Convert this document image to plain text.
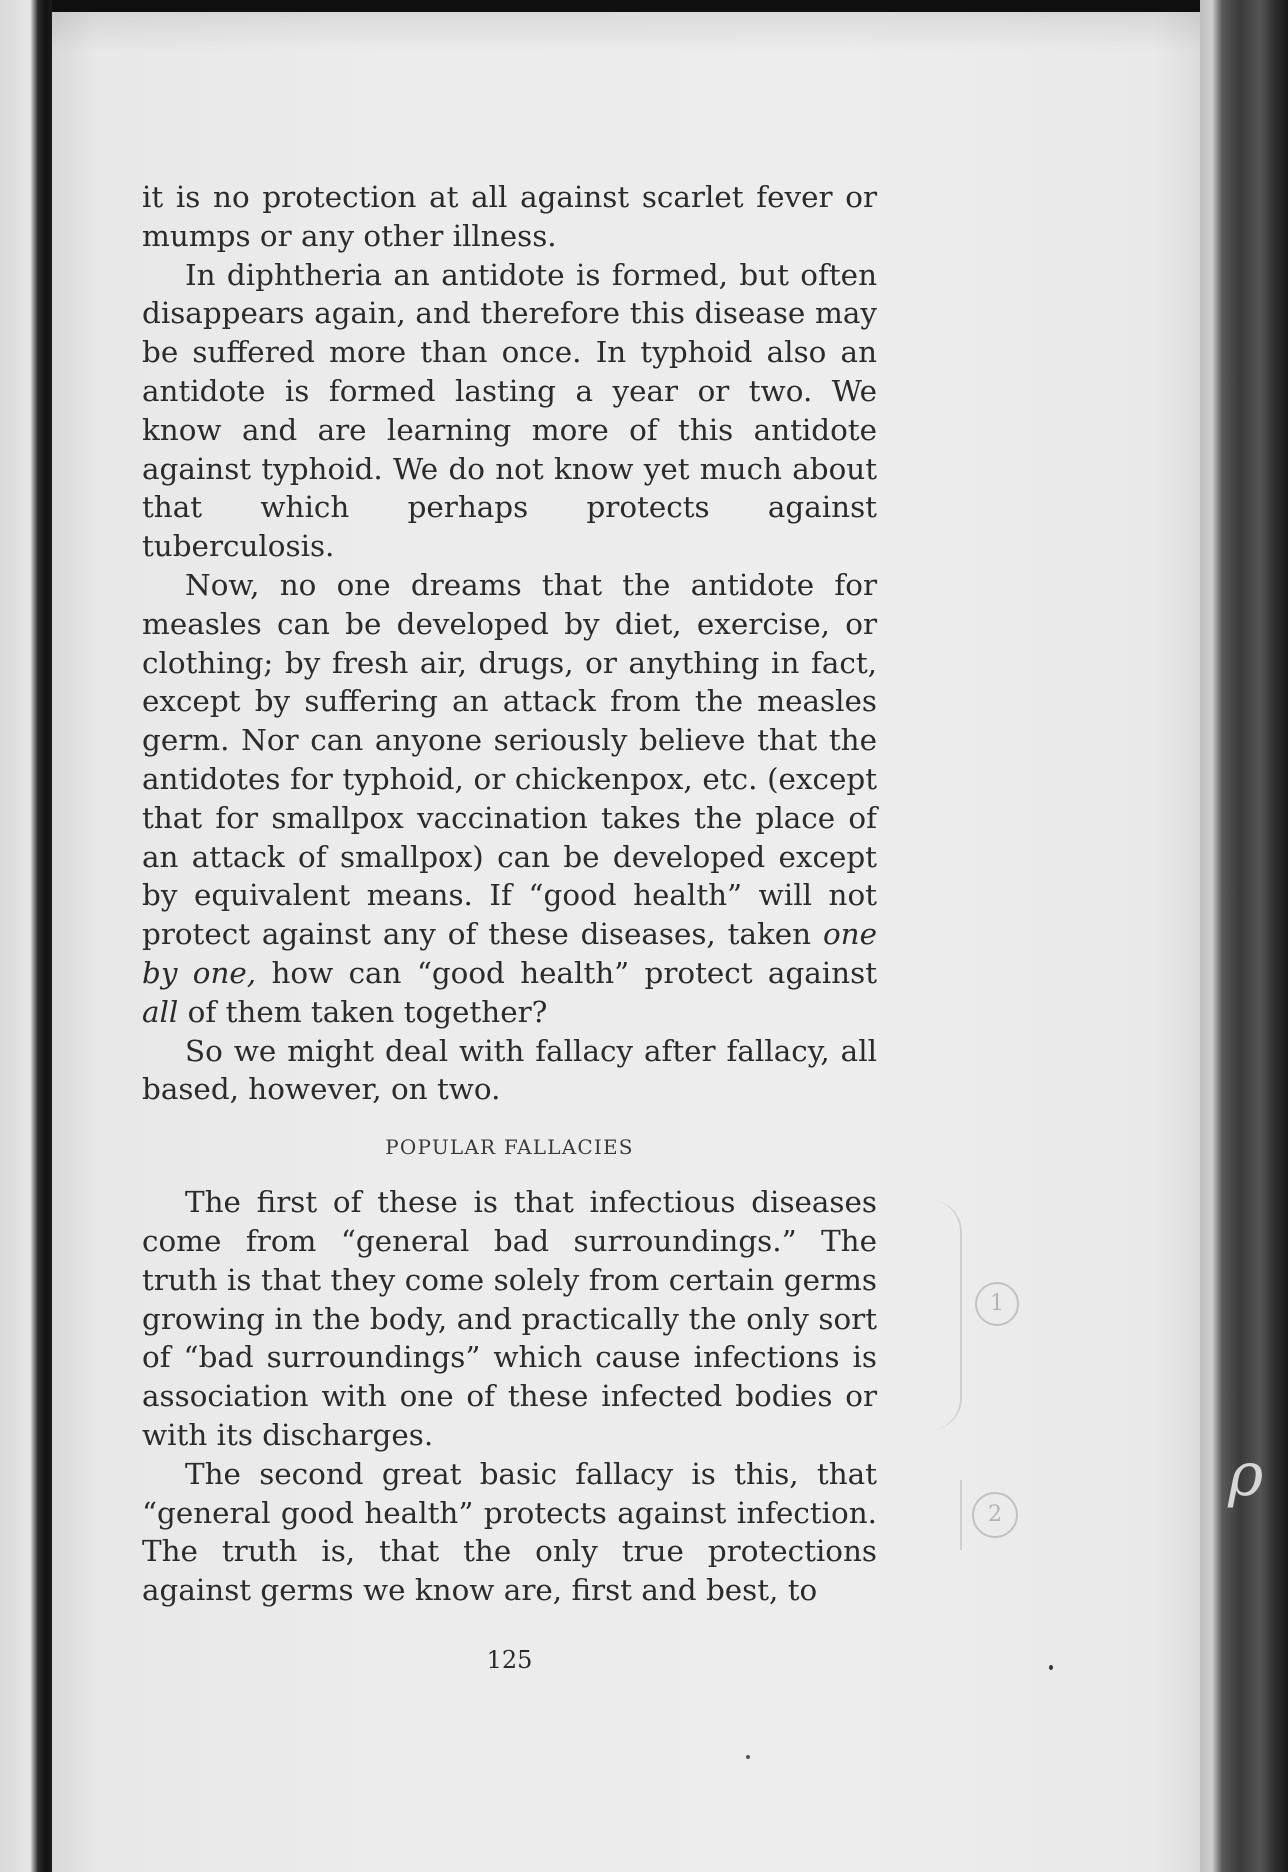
it is no protection at all against scarlet fever or mumps or any other illness.

In diphtheria an antidote is formed, but often disappears again, and therefore this disease may be suffered more than once. In typhoid also an antidote is formed lasting a year or two. We know and are learning more of this antidote against typhoid. We do not know yet much about that which perhaps protects against tuberculosis.

Now, no one dreams that the antidote for measles can be developed by diet, exercise, or clothing; by fresh air, drugs, or anything in fact, except by suffering an attack from the measles germ. Nor can anyone seriously believe that the antidotes for typhoid, or chickenpox, etc. (except that for smallpox vaccination takes the place of an attack of smallpox) can be developed except by equivalent means. If “good health” will not protect against any of these diseases, taken one by one, how can “good health” protect against all of them taken together?

So we might deal with fallacy after fallacy, all based, however, on two.

POPULAR FALLACIES

The first of these is that infectious diseases come from “general bad surroundings.” The truth is that they come solely from certain germs growing in the body, and practically the only sort of “bad surroundings” which cause infections is association with one of these infected bodies or with its discharges.

The second great basic fallacy is this, that “general good health” protects against infection. The truth is, that the only true protections against germs we know are, first and best, to

125
1
2
ρ
